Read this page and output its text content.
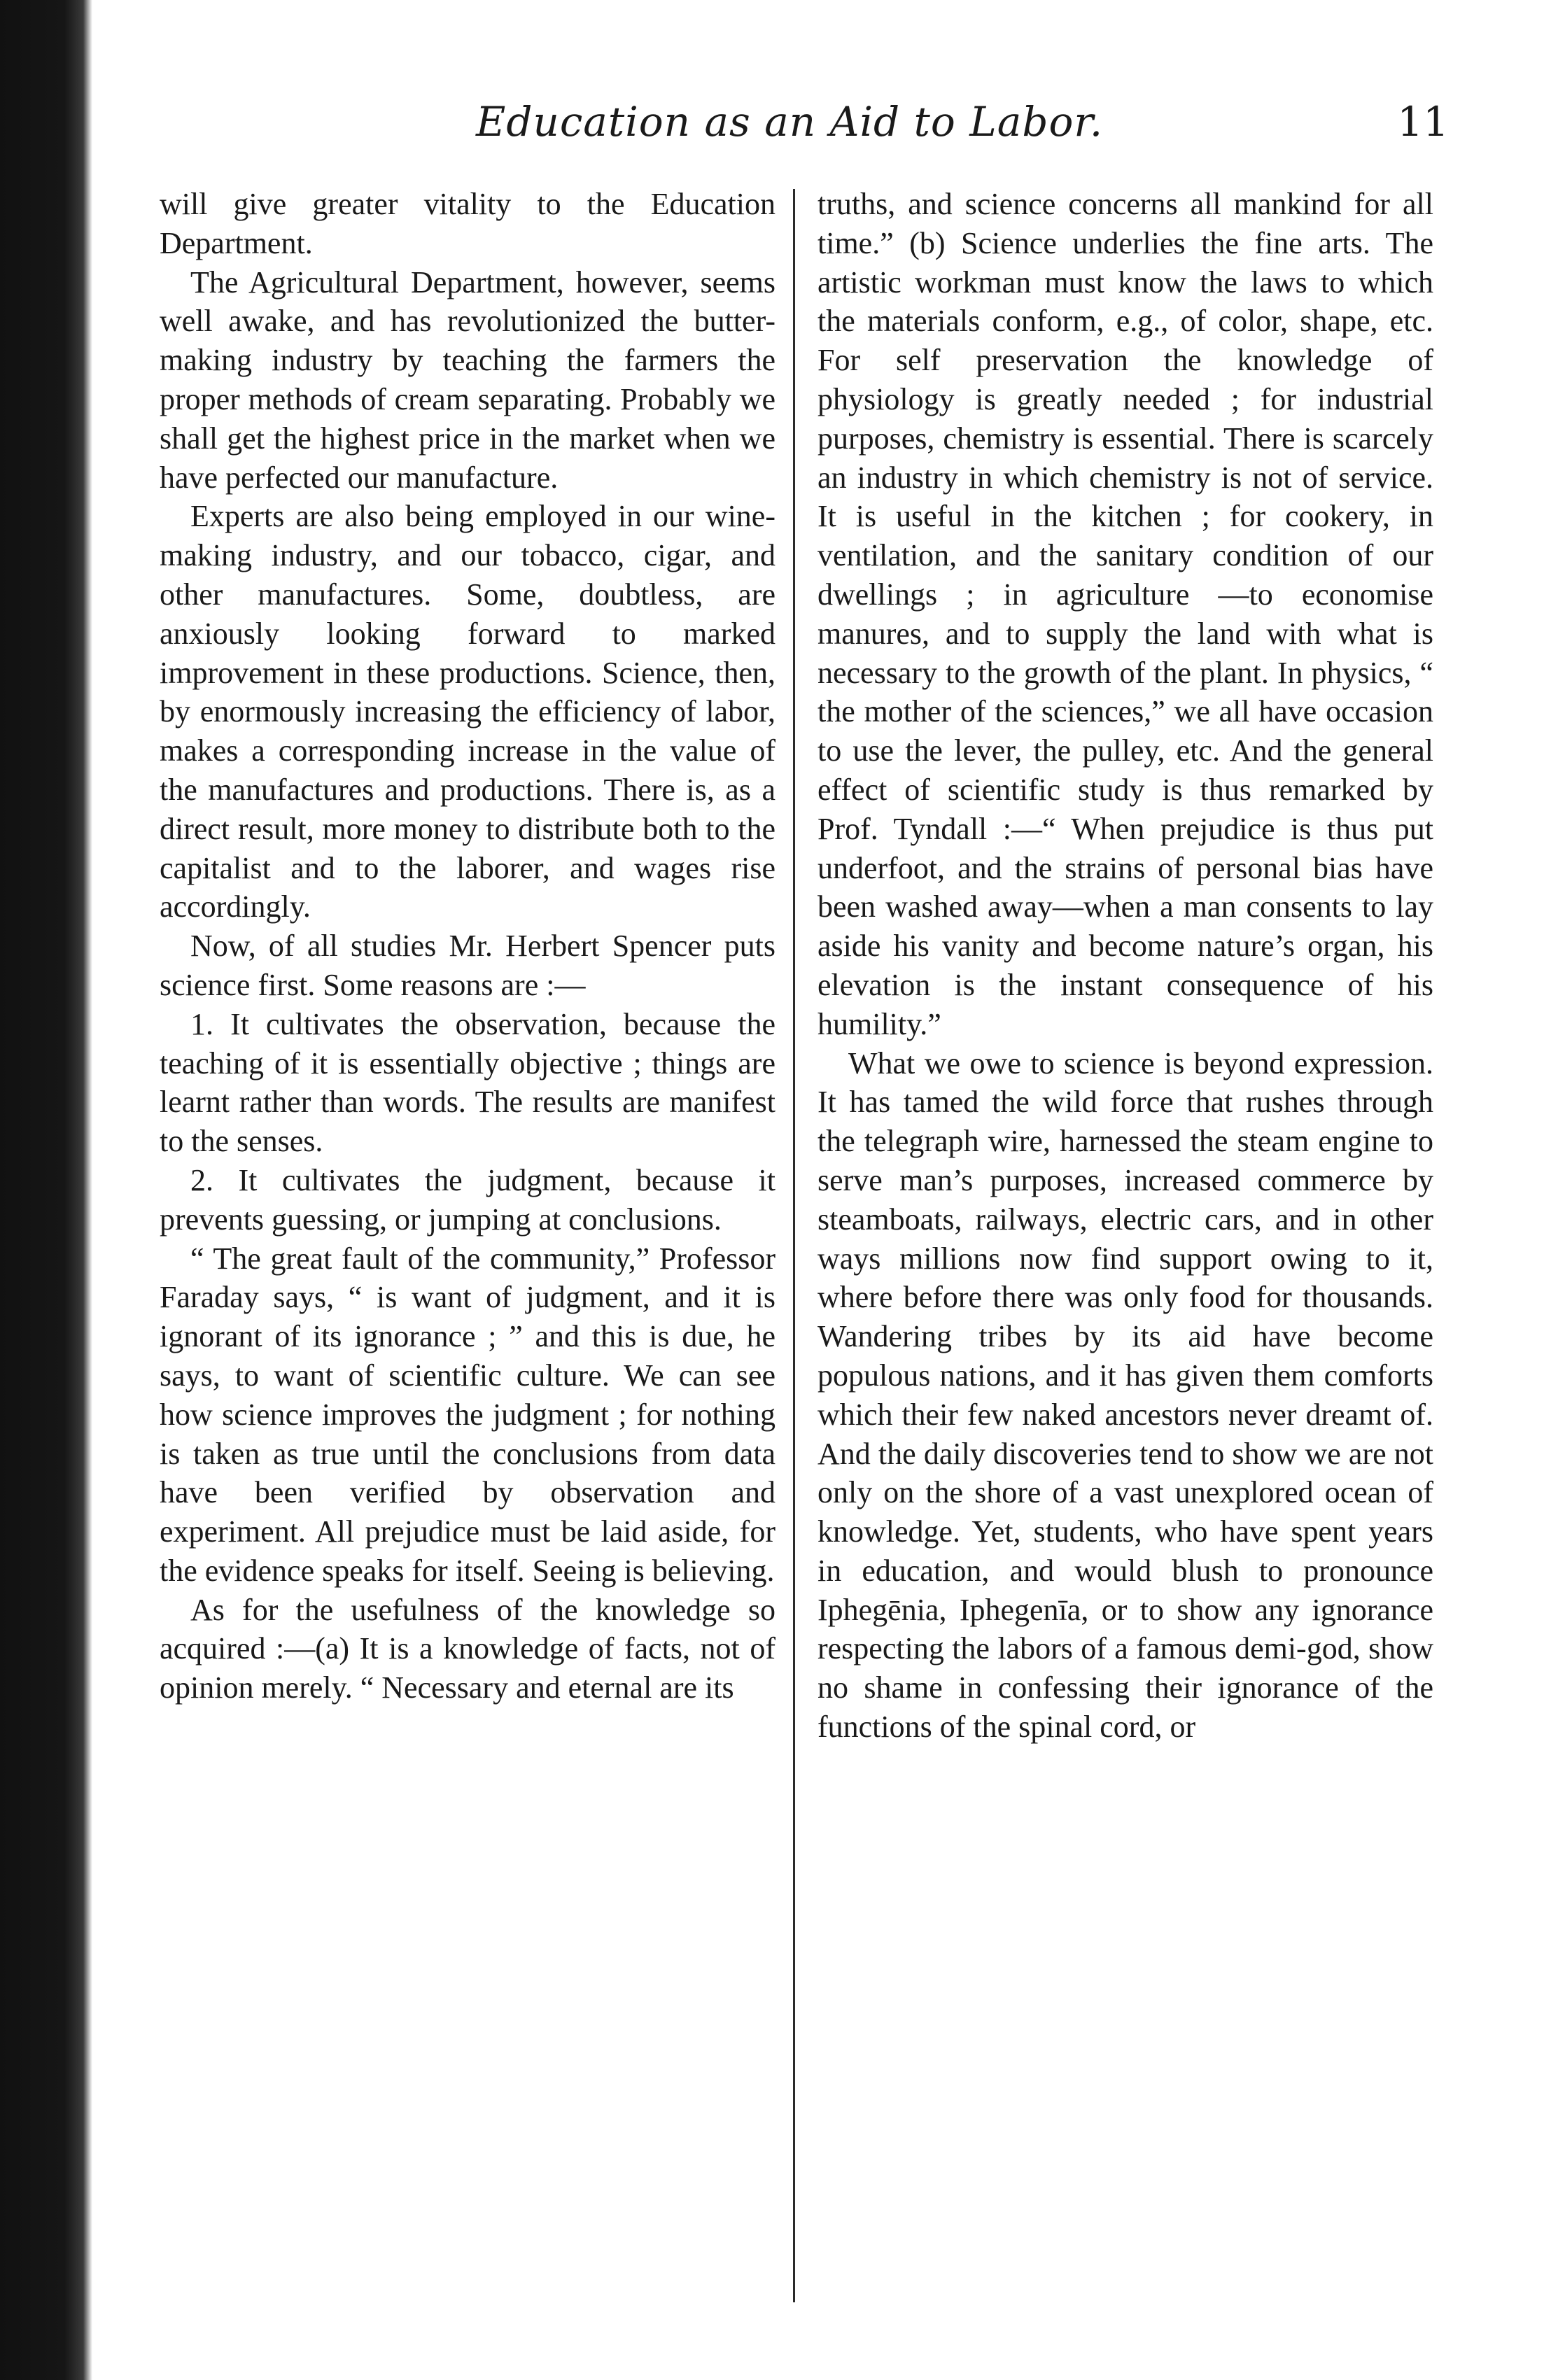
Education as an Aid to Labor.	11

will give greater vitality to the Education Department.

The Agricultural Department, however, seems well awake, and has revolutionized the butter-making industry by teaching the farmers the proper methods of cream separating. Probably we shall get the highest price in the market when we have perfected our manufacture.

Experts are also being employed in our wine-making industry, and our tobacco, cigar, and other manufactures. Some, doubtless, are anxiously looking forward to marked improvement in these productions. Science, then, by enormously increasing the efficiency of labor, makes a corresponding increase in the value of the manufactures and productions. There is, as a direct result, more money to distribute both to the capitalist and to the laborer, and wages rise accordingly.

Now, of all studies Mr. Herbert Spencer puts science first. Some reasons are :—

1. It cultivates the observation, because the teaching of it is essentially objective ; things are learnt rather than words. The results are manifest to the senses.

2. It cultivates the judgment, because it prevents guessing, or jumping at conclusions.

“ The great fault of the community,” Professor Faraday says, “ is want of judgment, and it is ignorant of its ignorance ; ” and this is due, he says, to want of scientific culture. We can see how science improves the judgment ; for nothing is taken as true until the conclusions from data have been verified by observation and experiment. All prejudice must be laid aside, for the evidence speaks for itself. Seeing is believing.

As for the usefulness of the knowledge so acquired :—(a) It is a knowledge of facts, not of opinion merely. “ Necessary and eternal are its

truths, and science concerns all mankind for all time.” (b) Science underlies the fine arts. The artistic workman must know the laws to which the materials conform, e.g., of color, shape, etc. For self preservation the knowledge of physiology is greatly needed ; for industrial purposes, chemistry is essential. There is scarcely an industry in which chemistry is not of service. It is useful in the kitchen ; for cookery, in ventilation, and the sanitary condition of our dwellings ; in agriculture —to economise manures, and to supply the land with what is necessary to the growth of the plant. In physics, “ the mother of the sciences,” we all have occasion to use the lever, the pulley, etc. And the general effect of scientific study is thus remarked by Prof. Tyndall :—“ When prejudice is thus put underfoot, and the strains of personal bias have been washed away—when a man consents to lay aside his vanity and become nature’s organ, his elevation is the instant consequence of his humility.”

What we owe to science is beyond expression. It has tamed the wild force that rushes through the telegraph wire, harnessed the steam engine to serve man’s purposes, increased commerce by steamboats, railways, electric cars, and in other ways millions now find support owing to it, where before there was only food for thousands. Wandering tribes by its aid have become populous nations, and it has given them comforts which their few naked ancestors never dreamt of. And the daily discoveries tend to show we are not only on the shore of a vast unexplored ocean of knowledge. Yet, students, who have spent years in education, and would blush to pronounce Iphegēnia, Iphegenīa, or to show any ignorance respecting the labors of a famous demi-god, show no shame in confessing their ignorance of the functions of the spinal cord, or
